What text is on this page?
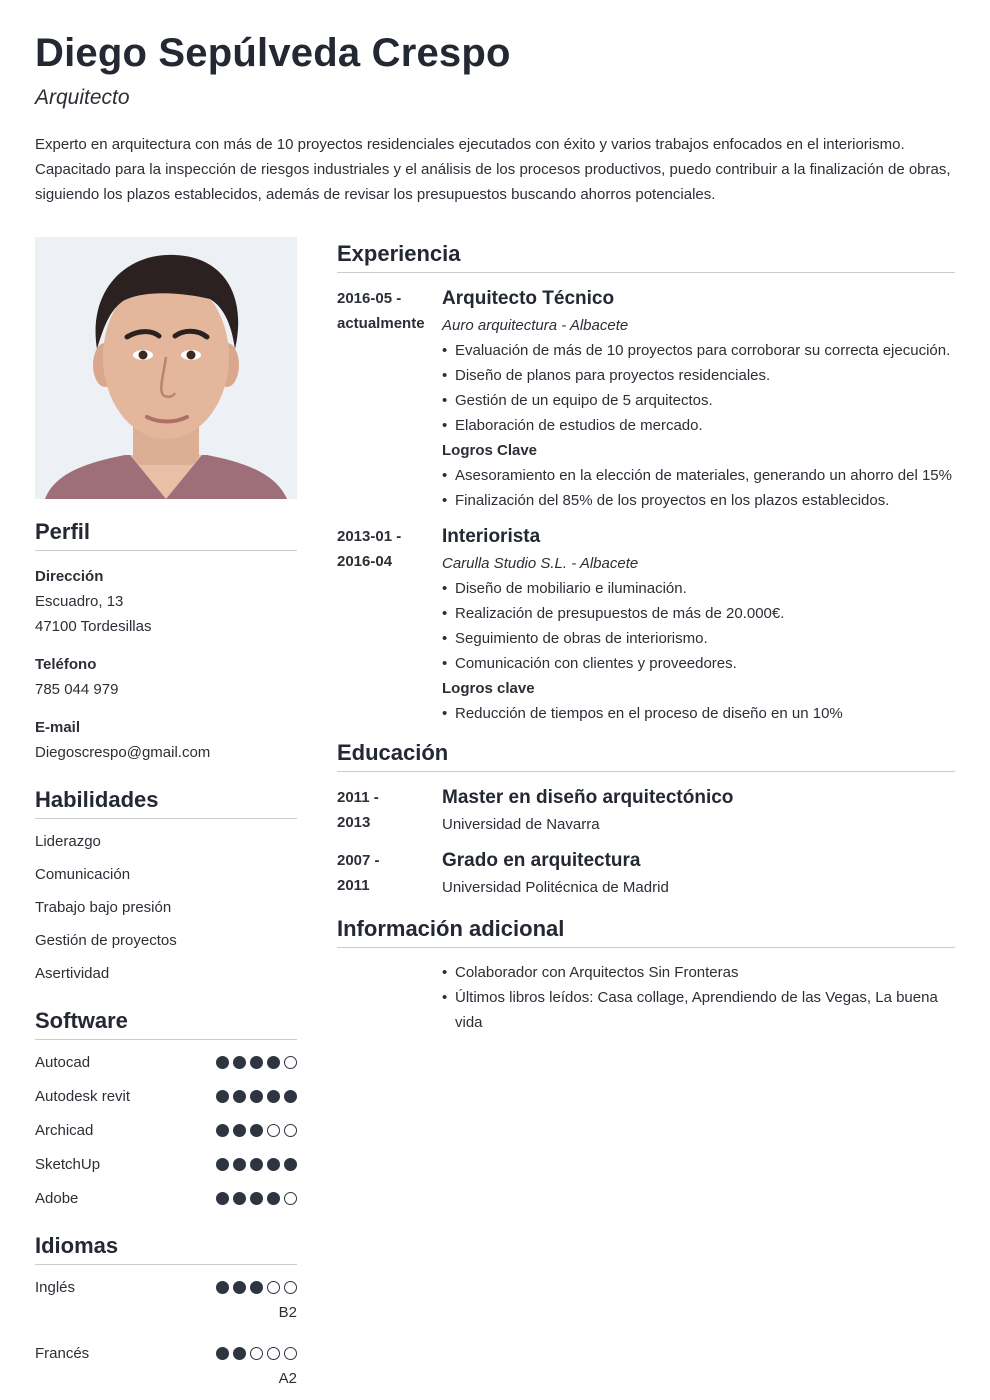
Diego Sepúlveda Crespo
Arquitecto

Experto en arquitectura con más de 10 proyectos residenciales ejecutados con éxito y varios trabajos enfocados en el interiorismo. Capacitado para la inspección de riesgos industriales y el análisis de los procesos productivos, puedo contribuir a la finalización de obras, siguiendo los plazos establecidos, además de revisar los presupuestos buscando ahorros potenciales.

Perfil
Dirección
Escuadro, 13
47100 Tordesillas
Teléfono
785 044 979
E-mail
Diegoscrespo@gmail.com
Habilidades
Liderazgo
Comunicación
Trabajo bajo presión
Gestión de proyectos
Asertividad
Software
Autocad
Autodesk revit
Archicad
SketchUp
Adobe
Idiomas
Inglés
B2
Francés
A2
Experiencia
2016-05 -
actualmente
Arquitecto Técnico
Auro arquitectura - Albacete
• Evaluación de más de 10 proyectos para corroborar su correcta ejecución.
• Diseño de planos para proyectos residenciales.
• Gestión de un equipo de 5 arquitectos.
• Elaboración de estudios de mercado.
Logros Clave
• Asesoramiento en la elección de materiales, generando un ahorro del 15%
• Finalización del 85% de los proyectos en los plazos establecidos.
2013-01 -
2016-04
Interiorista
Carulla Studio S.L. - Albacete
• Diseño de mobiliario e iluminación.
• Realización de presupuestos de más de 20.000€.
• Seguimiento de obras de interiorismo.
• Comunicación con clientes y proveedores.
Logros clave
• Reducción de tiempos en el proceso de diseño en un 10%
Educación
2011 -
2013
Master en diseño arquitectónico
Universidad de Navarra
2007 -
2011
Grado en arquitectura
Universidad Politécnica de Madrid
Información adicional
• Colaborador con Arquitectos Sin Fronteras
• Últimos libros leídos: Casa collage, Aprendiendo de las Vegas, La buena vida
